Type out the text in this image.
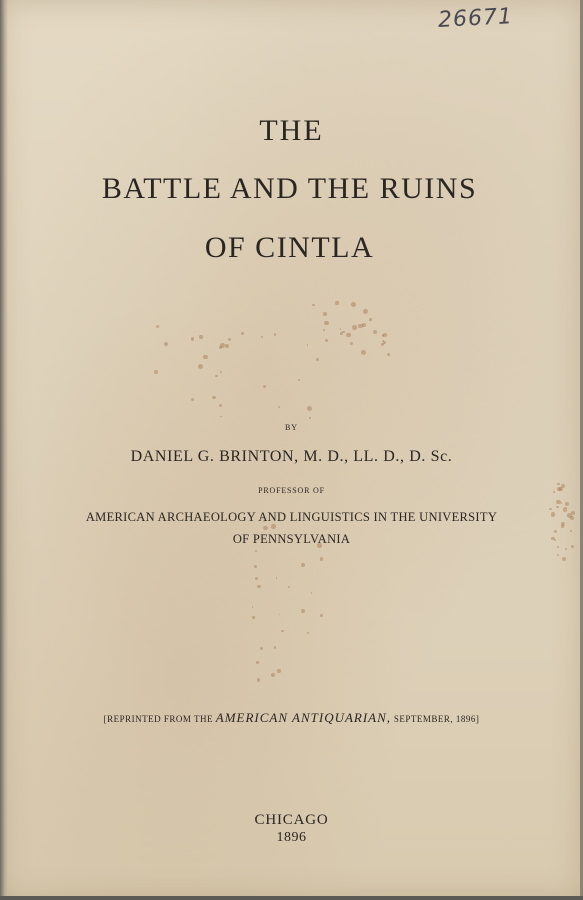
26671
THE
BATTLE AND THE RUINS
OF CINTLA
BY
DANIEL G. BRINTON, M. D., LL. D., D. Sc.
PROFESSOR OF
AMERICAN ARCHAEOLOGY AND LINGUISTICS IN THE UNIVERSITY
OF PENNSYLVANIA
[REPRINTED FROM THE AMERICAN ANTIQUARIAN, SEPTEMBER, 1896]
CHICAGO
1896
